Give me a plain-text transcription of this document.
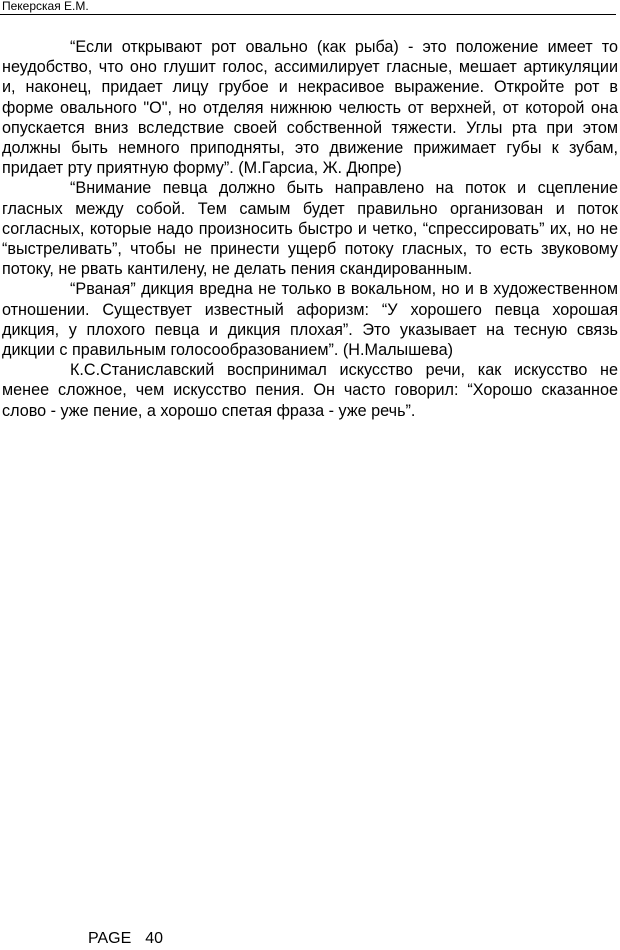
Пекерская Е.М.

“Если открывают рот овально (как рыба) - это положение имеет то неудобство, что оно глушит голос, ассимилирует гласные, мешает артикуляции и, наконец, придает лицу грубое и некрасивое выражение. Откройте рот в форме овального "О", но отделяя нижнюю челюсть от верхней, от которой она опускается вниз вследствие своей собственной тяжести. Углы рта при этом должны быть немного приподняты, это движение прижимает губы к зубам, придает рту приятную форму”. (М.Гарсиа, Ж. Дюпре)

“Внимание певца должно быть направлено на поток и сцепление гласных между собой. Тем самым будет правильно организован и поток согласных, которые надо произносить быстро и четко, “спрессировать” их, но не “выстреливать”, чтобы не принести ущерб потоку гласных, то есть звуковому потоку, не рвать кантилену, не делать пения скандированным.

“Рваная” дикция вредна не только в вокальном, но и в художественном отношении. Существует известный афоризм: “У хорошего певца хорошая дикция, у плохого певца и дикция плохая”. Это указывает на тесную связь дикции с правильным голосообразованием”. (Н.Малышева)

К.С.Станиславский воспринимал искусство речи, как искусство не менее сложное, чем искусство пения. Он часто говорил: “Хорошо сказанное слово - уже пение, а хорошо спетая фраза - уже речь”.

PAGE 40
